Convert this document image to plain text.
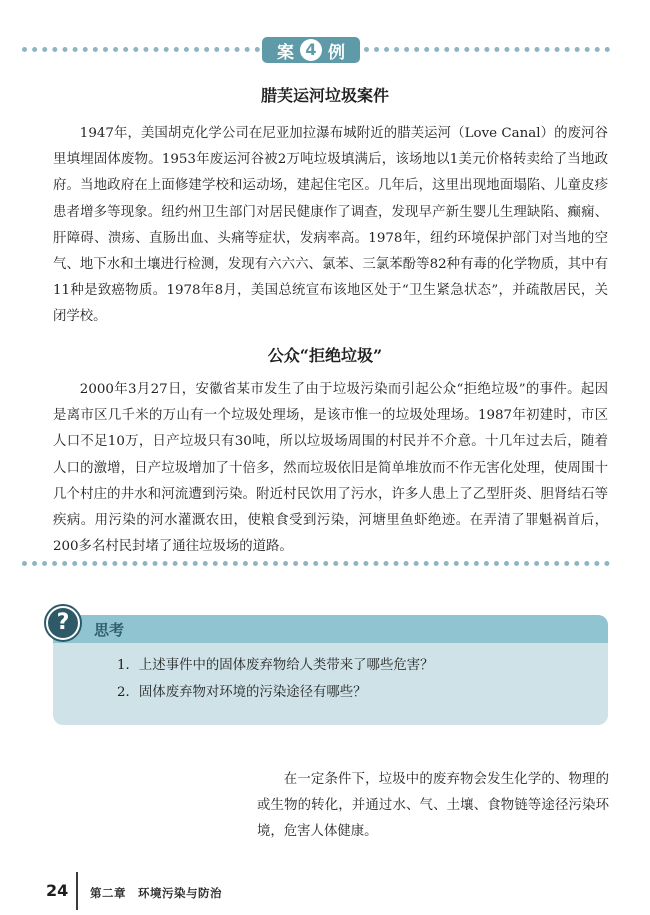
案 4 例
腊芙运河垃圾案件

1947年，美国胡克化学公司在尼亚加拉瀑布城附近的腊芙运河（Love Canal）的废河谷里填埋固体废物。1953年废运河谷被2万吨垃圾填满后，该场地以1美元价格转卖给了当地政府。当地政府在上面修建学校和运动场，建起住宅区。几年后，这里出现地面塌陷、儿童皮疹患者增多等现象。纽约州卫生部门对居民健康作了调查，发现早产新生婴儿生理缺陷、癫痫、肝障碍、溃疡、直肠出血、头痛等症状，发病率高。1978年，纽约环境保护部门对当地的空气、地下水和土壤进行检测，发现有六六六、氯苯、三氯苯酚等82种有毒的化学物质，其中有11种是致癌物质。1978年8月，美国总统宣布该地区处于“卫生紧急状态”，并疏散居民，关闭学校。

公众“拒绝垃圾”

2000年3月27日，安徽省某市发生了由于垃圾污染而引起公众“拒绝垃圾”的事件。起因是离市区几千米的万山有一个垃圾处理场，是该市惟一的垃圾处理场。1987年初建时，市区人口不足10万，日产垃圾只有30吨，所以垃圾场周围的村民并不介意。十几年过去后，随着人口的激增，日产垃圾增加了十倍多，然而垃圾依旧是简单堆放而不作无害化处理，使周围十几个村庄的井水和河流遭到污染。附近村民饮用了污水，许多人患上了乙型肝炎、胆肾结石等疾病。用污染的河水灌溉农田，使粮食受到污染，河塘里鱼虾绝迹。在弄清了罪魁祸首后，200多名村民封堵了通往垃圾场的道路。

?	思考
1．上述事件中的固体废弃物给人类带来了哪些危害？
2．固体废弃物对环境的污染途径有哪些？

在一定条件下，垃圾中的废弃物会发生化学的、物理的或生物的转化，并通过水、气、土壤、食物链等途径污染环境，危害人体健康。

24 第二章　环境污染与防治
